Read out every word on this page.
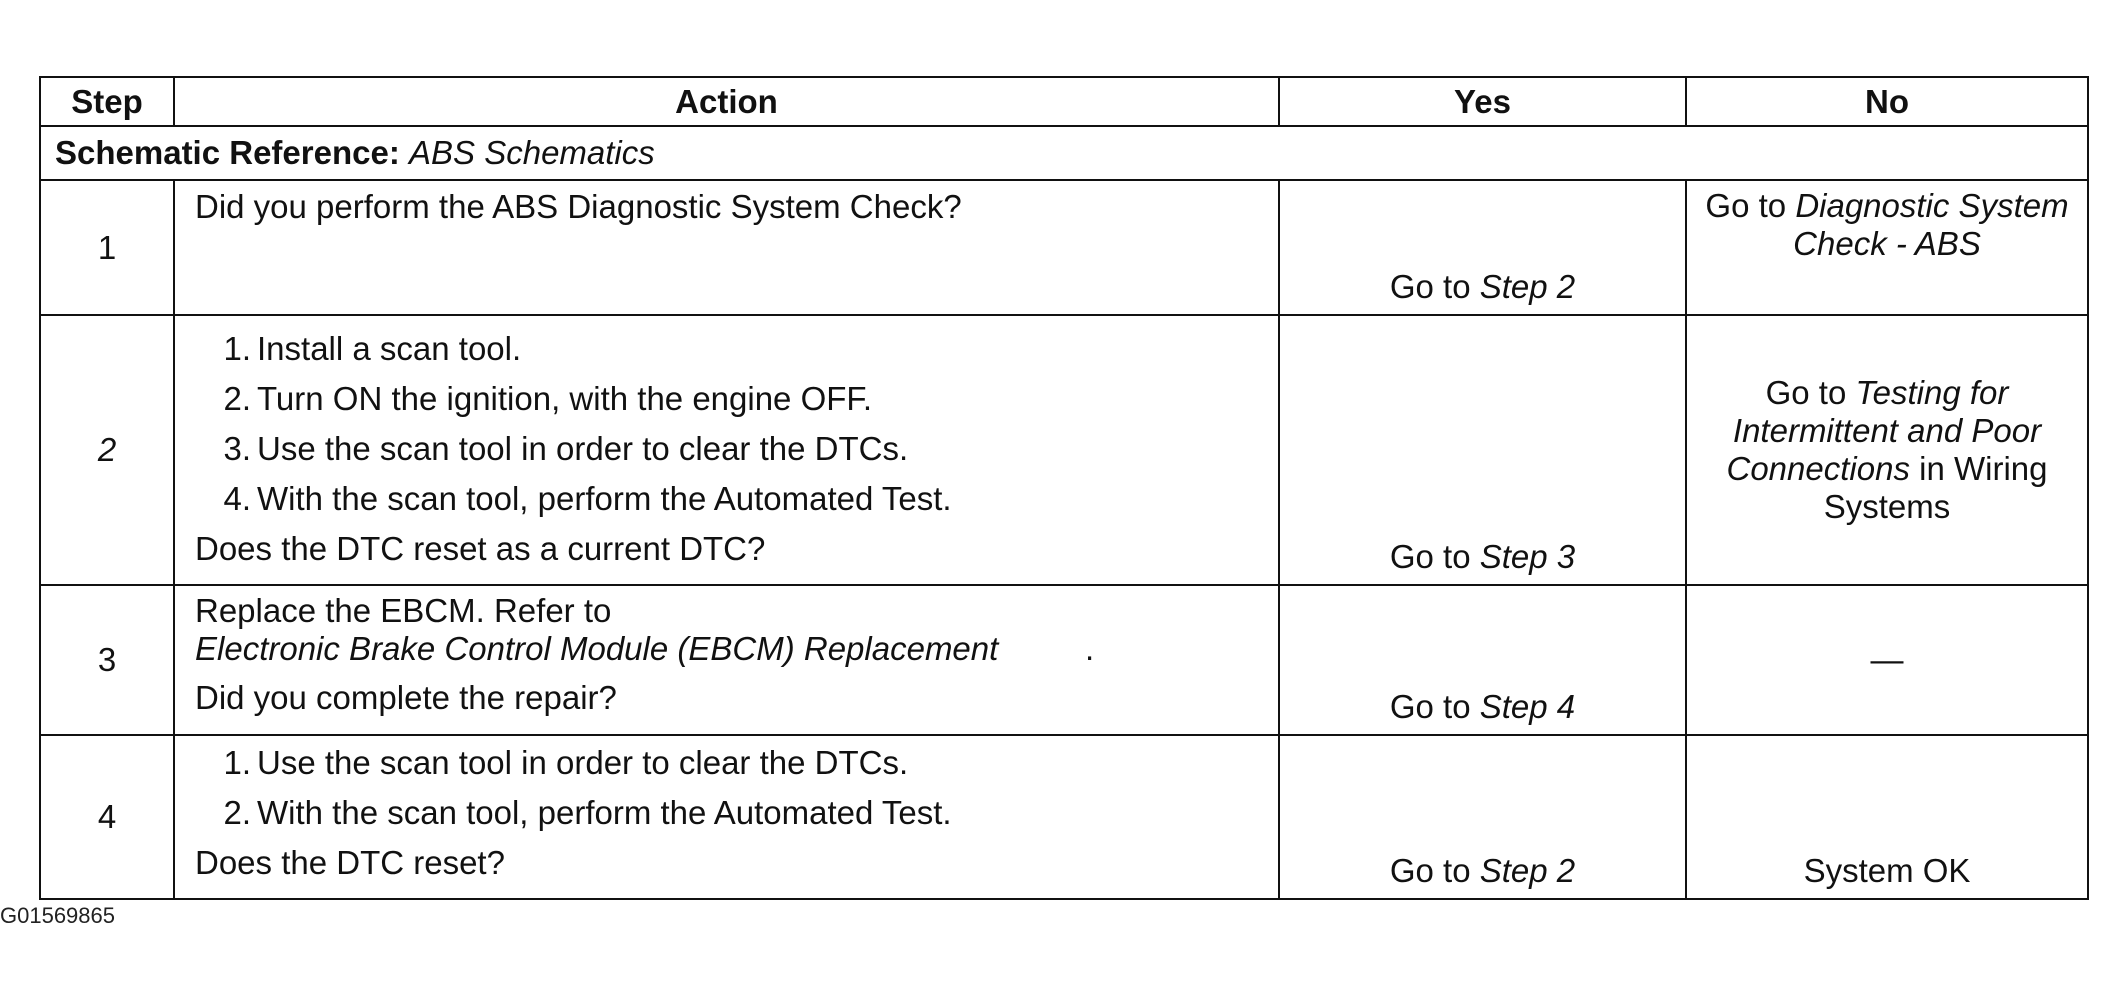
Step	Action	Yes	No
Schematic Reference: ABS Schematics			
1	Did you perform the ABS Diagnostic System Check?	Go to Step 2	Go to Diagnostic System Check - ABS
2	1. Install a scan tool.
2. Turn ON the ignition, with the engine OFF.
3. Use the scan tool in order to clear the DTCs.
4. With the scan tool, perform the Automated Test.
Does the DTC reset as a current DTC?	Go to Step 3	Go to Testing for Intermittent and Poor Connections in Wiring Systems
3	Replace the EBCM. Refer to Electronic Brake Control Module (EBCM) Replacement .
Did you complete the repair?	Go to Step 4	—
4	1. Use the scan tool in order to clear the DTCs.
2. With the scan tool, perform the Automated Test.
Does the DTC reset?	Go to Step 2	System OK
G01569865
